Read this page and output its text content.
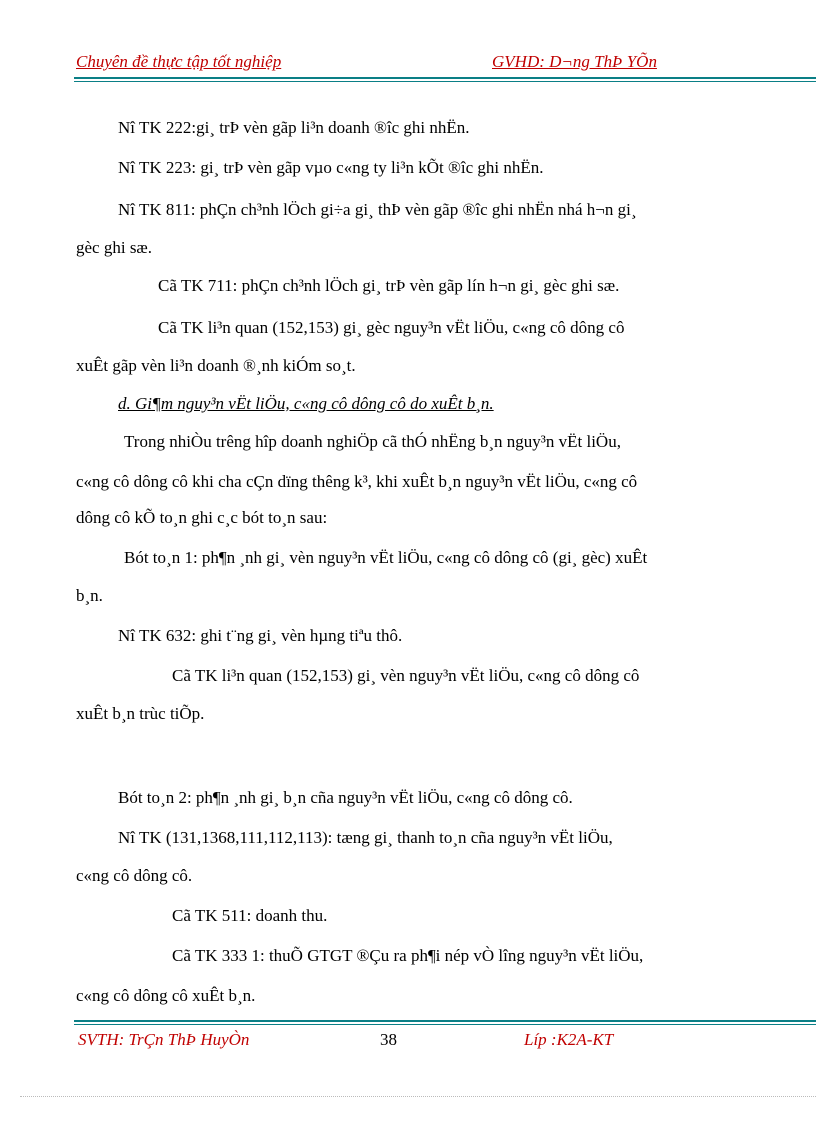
Chuyên đề thực tập tốt nghiệp	GVHD: D¬ng ThÞ YÕn
Nî TK 222:gi¸ trÞ vèn gãp li³n doanh ®îc ghi nhËn.
Nî TK 223: gi¸ trÞ vèn gãp vµo c«ng ty li³n kÕt ®îc ghi nhËn.
Nî TK 811: phÇn ch³nh lÖch gi÷a gi¸ thÞ vèn gãp ®îc ghi nhËn nhá h¬n gi¸
gèc ghi sæ.
Cã TK 711: phÇn ch³nh lÖch gi¸ trÞ vèn gãp lín h¬n gi¸ gèc ghi sæ.
Cã TK li³n quan (152,153) gi¸ gèc nguy³n vËt liÖu, c«ng cô dông cô
xuÊt gãp vèn li³n doanh ®¸nh kiÓm so¸t.
d. Gi¶m nguy³n vËt liÖu, c«ng cô dông cô do xuÊt b¸n.
Trong nhiÒu trêng hîp doanh nghiÖp cã thÓ nhËng b¸n nguy³n vËt liÖu,
c«ng cô dông cô khi cha cÇn dïng thêng k³, khi xuÊt b¸n nguy³n vËt liÖu, c«ng cô
dông cô kÕ to¸n ghi c¸c bót to¸n sau:
Bót to¸n 1: ph¶n ¸nh gi¸ vèn nguy³n vËt liÖu, c«ng cô dông cô (gi¸ gèc) xuÊt
b¸n.
Nî TK 632: ghi t¨ng gi¸ vèn hµng tiªu thô.
Cã TK li³n quan (152,153) gi¸ vèn nguy³n vËt liÖu, c«ng cô dông cô
xuÊt b¸n trùc tiÕp.
Bót to¸n 2: ph¶n ¸nh gi¸ b¸n cña nguy³n vËt liÖu, c«ng cô dông cô.
Nî TK (131,1368,111,112,113): tæng gi¸ thanh to¸n cña nguy³n vËt liÖu,
c«ng cô dông cô.
Cã TK 511: doanh thu.
Cã TK 333 1: thuÕ GTGT ®Çu ra ph¶i nép vÒ lîng nguy³n vËt liÖu,
c«ng cô dông cô xuÊt b¸n.
SVTH: TrÇn ThÞ HuyÒn	38	Líp :K2A-KT
